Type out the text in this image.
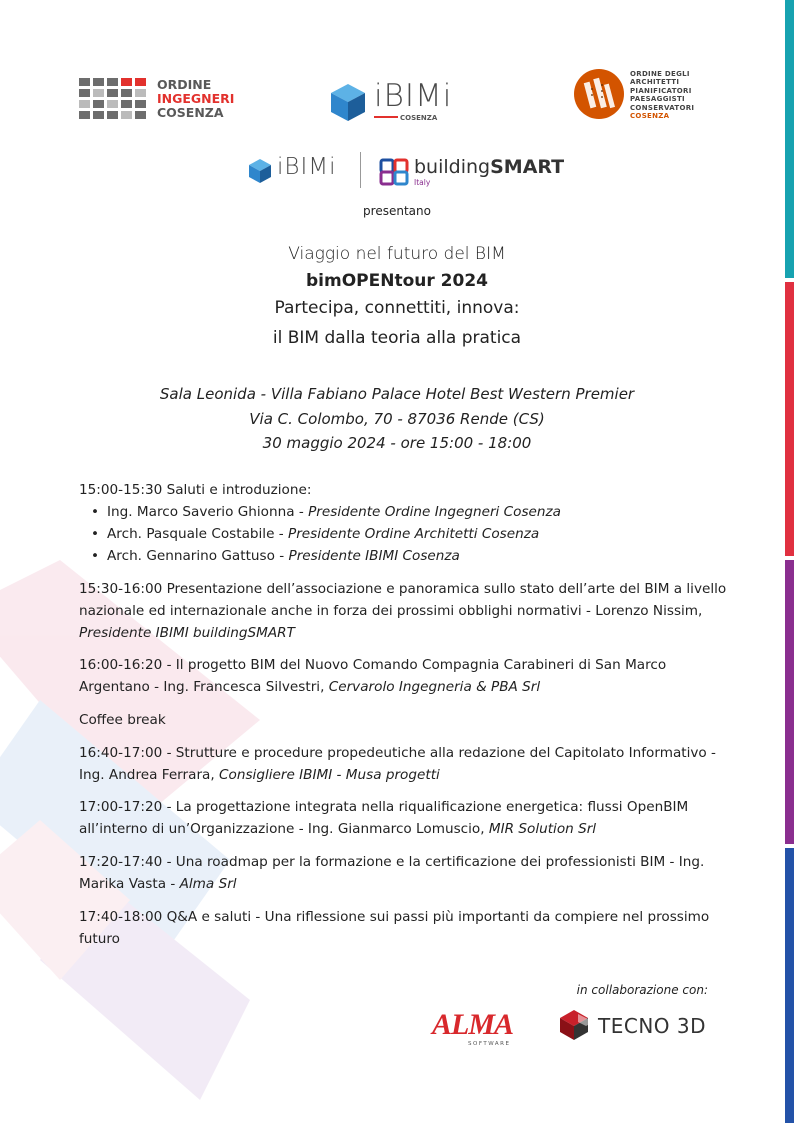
ORDINE
INGEGNERI
COSENZA	iBIMi
COSENZA
ORDINE DEGLI
ARCHITETTI
PIANIFICATORI
PAESAGGISTI
CONSERVATORI
COSENZA
iBIMi	buildingSMART
Italy
presentano
Viaggio nel futuro del BIM
bimOPENtour 2024
Partecipa, connettiti, innova:
il BIM dalla teoria alla pratica
Sala Leonida - Villa Fabiano Palace Hotel Best Western Premier
Via C. Colombo, 70 - 87036 Rende (CS)
30 maggio 2024 - ore 15:00 - 18:00

15:00-15:30 Saluti e introduzione:

• Ing. Marco Saverio Ghionna - Presidente Ordine Ingegneri Cosenza
• Arch. Pasquale Costabile - Presidente Ordine Architetti Cosenza
• Arch. Gennarino Gattuso - Presidente IBIMI Cosenza

15:30-16:00 Presentazione dell’associazione e panoramica sullo stato dell’arte del BIM a livello nazionale ed internazionale anche in forza dei prossimi obblighi normativi - Lorenzo Nissim,
Presidente IBIMI buildingSMART

16:00-16:20 - Il progetto BIM del Nuovo Comando Compagnia Carabineri di San Marco Argentano - Ing. Francesca Silvestri, Cervarolo Ingegneria & PBA Srl

Coffee break

16:40-17:00 - Strutture e procedure propedeutiche alla redazione del Capitolato Informativo - Ing. Andrea Ferrara, Consigliere IBIMI - Musa progetti

17:00-17:20 - La progettazione integrata nella riqualificazione energetica: flussi OpenBIM all’interno di un’Organizzazione - Ing. Gianmarco Lomuscio, MIR Solution Srl

17:20-17:40 - Una roadmap per la formazione e la certificazione dei professionisti BIM - Ing. Marika Vasta - Alma Srl

17:40-18:00 Q&A e saluti - Una riflessione sui passi più importanti da compiere nel prossimo futuro

in collaborazione con:
ALMA
SOFTWARE
TECNO 3D
